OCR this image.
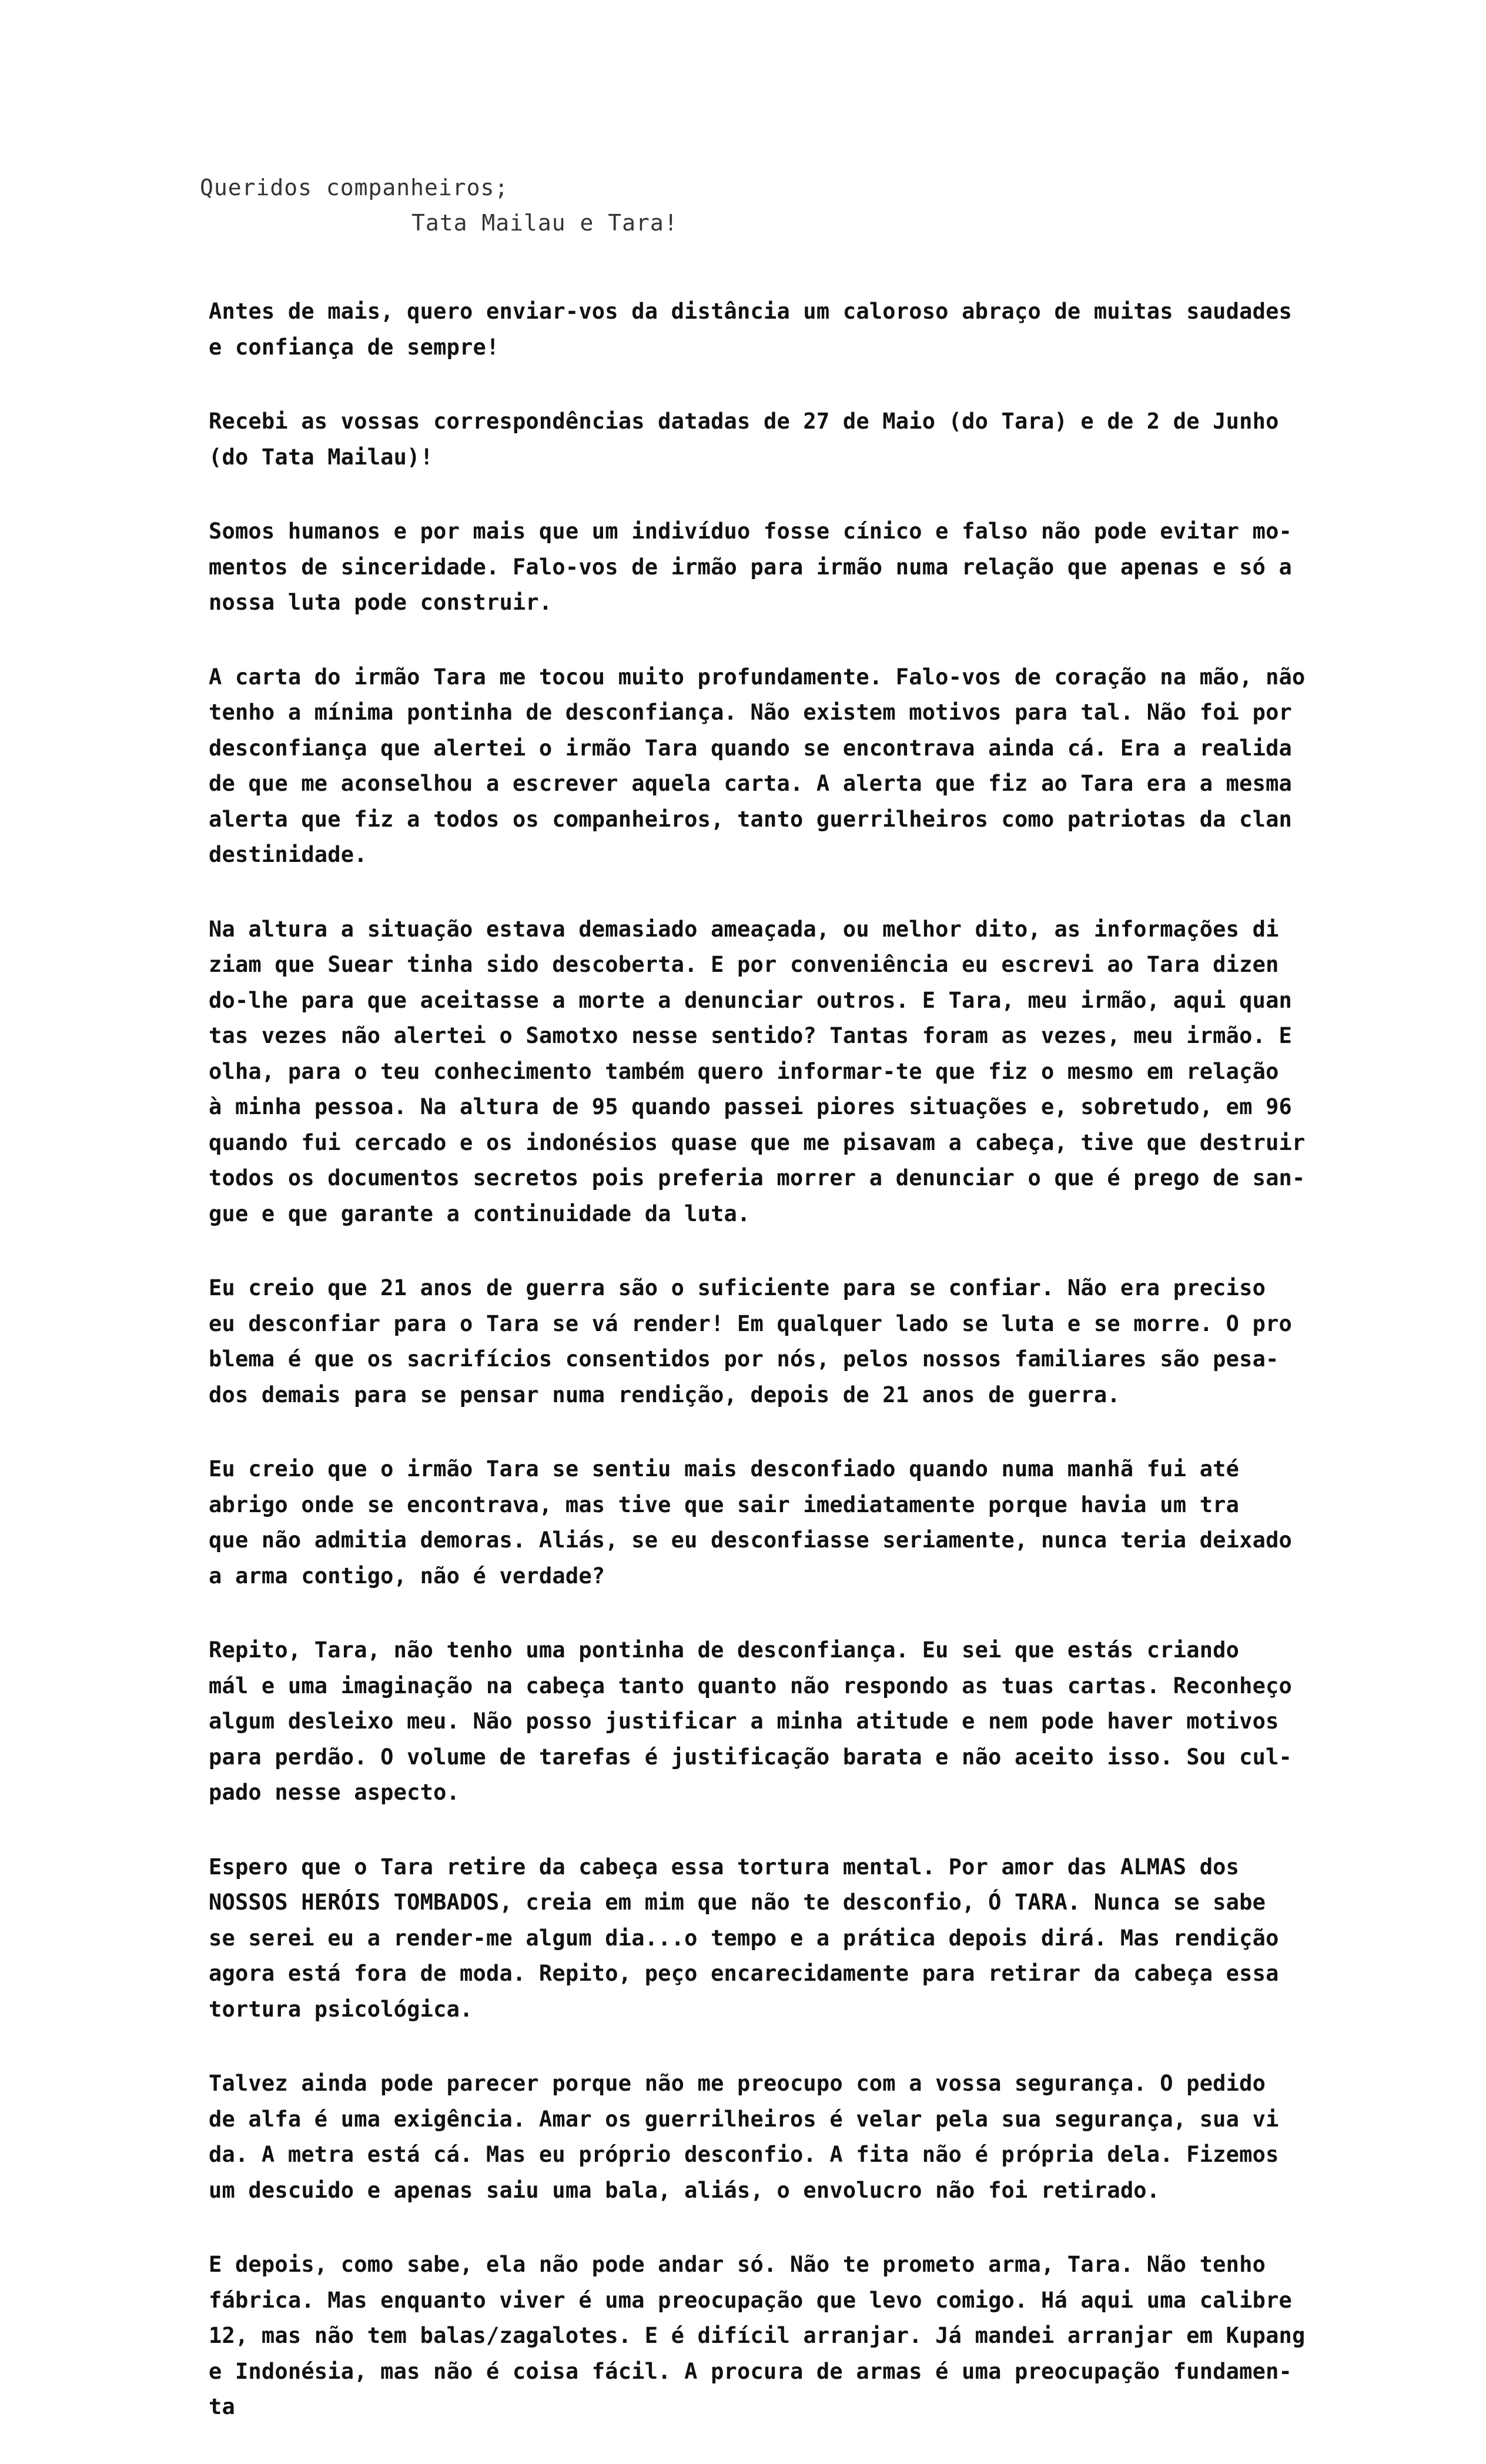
Queridos companheiros;
Tata Mailau e Tara!

Antes de mais, quero enviar-vos da distância um caloroso abraço de muitas saudades
e confiança de sempre!

Recebi as vossas correspondências datadas de 27 de Maio (do Tara) e de 2 de Junho
(do Tata Mailau)!

Somos humanos e por mais que um indivíduo fosse cínico e falso não pode evitar mo-
mentos de sinceridade. Falo-vos de irmão para irmão numa relação que apenas e só a
nossa luta pode construir.

A carta do irmão Tara me tocou muito profundamente. Falo-vos de coração na mão, não
tenho a mínima pontinha de desconfiança. Não existem motivos para tal. Não foi por
desconfiança que alertei o irmão Tara quando se encontrava ainda cá. Era a realida
de que me aconselhou a escrever aquela carta. A alerta que fiz ao Tara era a mesma
alerta que fiz a todos os companheiros, tanto guerrilheiros como patriotas da clan
destinidade.

Na altura a situação estava demasiado ameaçada, ou melhor dito, as informações di
ziam que Suear tinha sido descoberta. E por conveniência eu escrevi ao Tara dizen
do-lhe para que aceitasse a morte a denunciar outros. E Tara, meu irmão, aqui quan
tas vezes não alertei o Samotxo nesse sentido? Tantas foram as vezes, meu irmão. E
olha, para o teu conhecimento também quero informar-te que fiz o mesmo em relação
à minha pessoa. Na altura de 95 quando passei piores situações e, sobretudo, em 96
quando fui cercado e os indonésios quase que me pisavam a cabeça, tive que destruir
todos os documentos secretos pois preferia morrer a denunciar o que é prego de san-
gue e que garante a continuidade da luta.

Eu creio que 21 anos de guerra são o suficiente para se confiar. Não era preciso
eu desconfiar para o Tara se vá render! Em qualquer lado se luta e se morre. O pro
blema é que os sacrifícios consentidos por nós, pelos nossos familiares são pesa-
dos demais para se pensar numa rendição, depois de 21 anos de guerra.

Eu creio que o irmão Tara se sentiu mais desconfiado quando numa manhã fui até
abrigo onde se encontrava, mas tive que sair imediatamente porque havia um tra
que não admitia demoras. Aliás, se eu desconfiasse seriamente, nunca teria deixado
a arma contigo, não é verdade?

Repito, Tara, não tenho uma pontinha de desconfiança. Eu sei que estás criando
mál e uma imaginação na cabeça tanto quanto não respondo as tuas cartas. Reconheço
algum desleixo meu. Não posso justificar a minha atitude e nem pode haver motivos
para perdão. O volume de tarefas é justificação barata e não aceito isso. Sou cul-
pado nesse aspecto.

Espero que o Tara retire da cabeça essa tortura mental. Por amor das ALMAS dos
NOSSOS HERÓIS TOMBADOS, creia em mim que não te desconfio, Ó TARA. Nunca se sabe
se serei eu a render-me algum dia...o tempo e a prática depois dirá. Mas rendição
agora está fora de moda. Repito, peço encarecidamente para retirar da cabeça essa
tortura psicológica.

Talvez ainda pode parecer porque não me preocupo com a vossa segurança. O pedido
de alfa é uma exigência. Amar os guerrilheiros é velar pela sua segurança, sua vi
da. A metra está cá. Mas eu próprio desconfio. A fita não é própria dela. Fizemos
um descuido e apenas saiu uma bala, aliás, o envolucro não foi retirado.

E depois, como sabe, ela não pode andar só. Não te prometo arma, Tara. Não tenho
fábrica. Mas enquanto viver é uma preocupação que levo comigo. Há aqui uma calibre
12, mas não tem balas/zagalotes. E é difícil arranjar. Já mandei arranjar em Kupang
e Indonésia, mas não é coisa fácil. A procura de armas é uma preocupação fundamen-
ta
